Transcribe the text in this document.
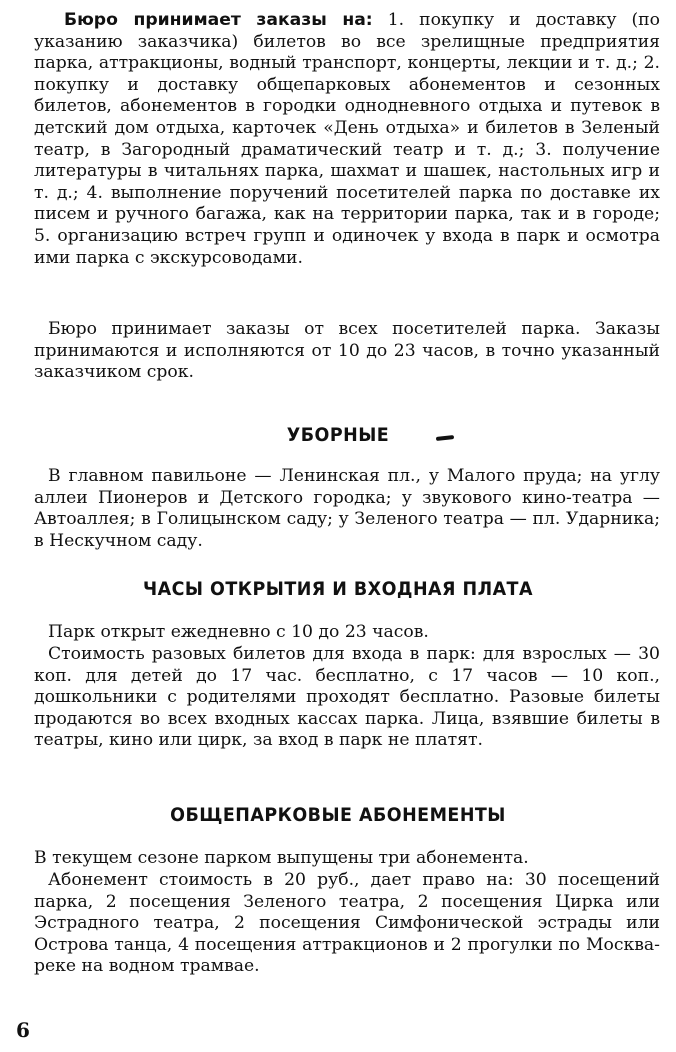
Бюро принимает заказы на: 1. покупку и доставку (по указанию заказчика) билетов во все зрелищные предприятия парка, аттракционы, водный транспорт, концерты, лекции и т. д.; 2. покупку и доставку общепарковых абонементов и сезонных билетов, абонементов в городки однодневного отдыха и путевок в детский дом отдыха, карточек «День отдыха» и билетов в Зеленый театр, в Загородный драматический театр и т. д.; 3. получение литературы в читальнях парка, шахмат и шашек, настольных игр и т. д.; 4. выполнение поручений посетителей парка по доставке их писем и ручного багажа, как на территории парка, так и в городе; 5. организацию встреч групп и одиночек у входа в парк и осмотра ими парка с экскурсоводами.

Бюро принимает заказы от всех посетителей парка. Заказы принимаются и исполняются от 10 до 23 часов, в точно указанный заказчиком срок.

УБОРНЫЕ

В главном павильоне — Ленинская пл., у Малого пруда; на углу аллеи Пионеров и Детского городка; у звукового кино-театра — Автоаллея; в Голицынском саду; у Зеленого театра — пл. Ударника; в Нескучном саду.

ЧАСЫ ОТКРЫТИЯ И ВХОДНАЯ ПЛАТА

Парк открыт ежедневно с 10 до 23 часов.

Стоимость разовых билетов для входа в парк: для взрослых — 30 коп. для детей до 17 час. бесплатно, с 17 часов — 10 коп., дошкольники с родителями проходят бесплатно. Разовые билеты продаются во всех входных кассах парка. Лица, взявшие билеты в театры, кино или цирк, за вход в парк не платят.

ОБЩЕПАРКОВЫЕ АБОНЕМЕНТЫ

В текущем сезоне парком выпущены три абонемента.

Абонемент стоимость в 20 руб., дает право на: 30 посещений парка, 2 посещения Зеленого театра, 2 посещения Цирка или Эстрадного театра, 2 посещения Симфонической эстрады или Острова танца, 4 посещения аттракционов и 2 прогулки по Москва-реке на водном трамвае.

6
